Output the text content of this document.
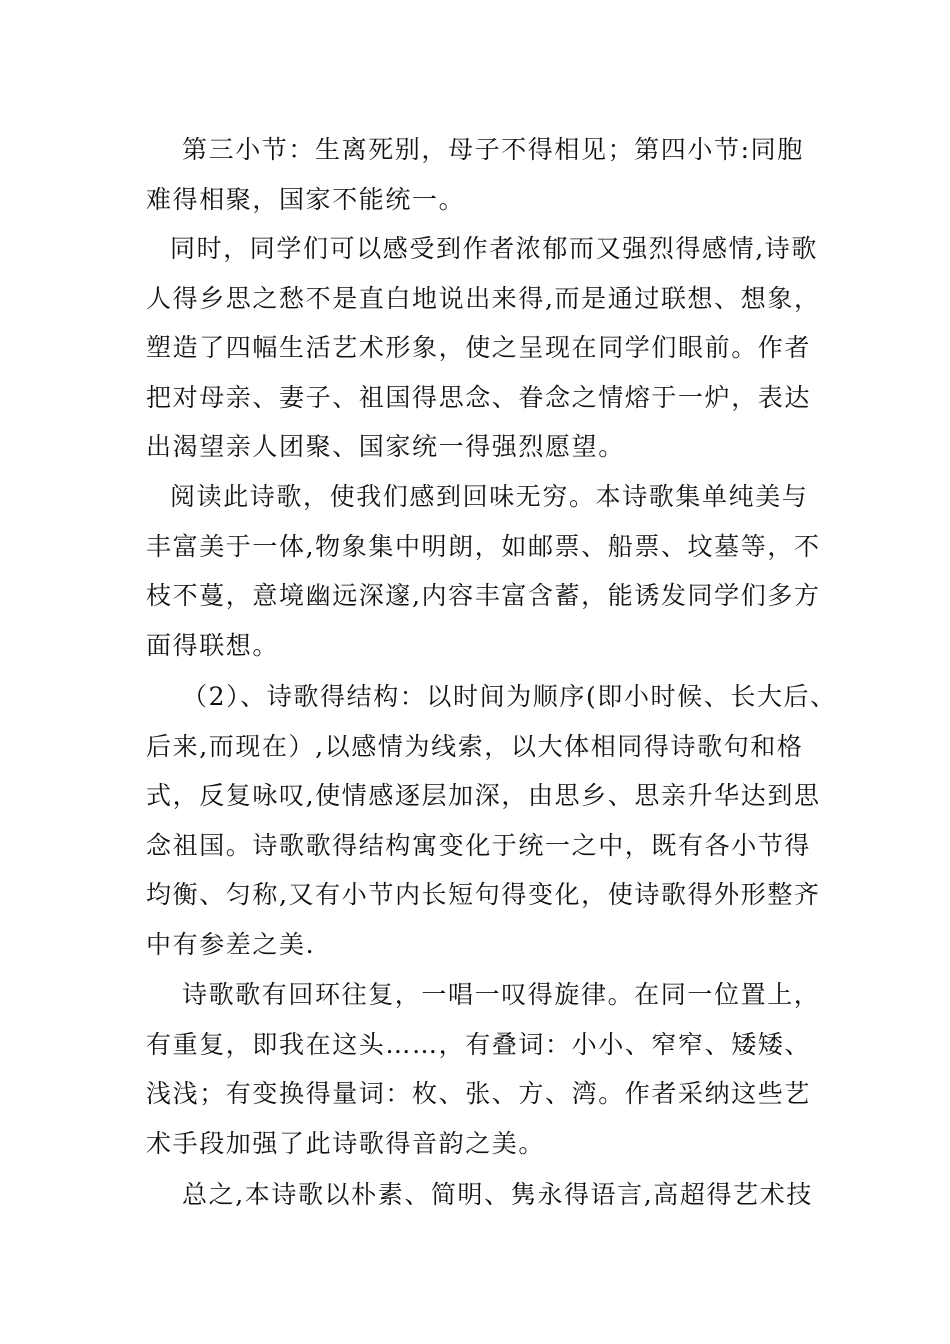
第三小节：生离死别，母子不得相见；第四小节:同胞
难得相聚，国家不能统一。
同时，同学们可以感受到作者浓郁而又强烈得感情,诗歌
人得乡思之愁不是直白地说出来得,而是通过联想、想象，
塑造了四幅生活艺术形象，使之呈现在同学们眼前。作者
把对母亲、妻子、祖国得思念、眷念之情熔于一炉，表达
出渴望亲人团聚、国家统一得强烈愿望。
阅读此诗歌，使我们感到回味无穷。本诗歌集单纯美与
丰富美于一体,物象集中明朗，如邮票、船票、坟墓等，不
枝不蔓，意境幽远深邃,内容丰富含蓄，能诱发同学们多方
面得联想。
（2）、诗歌得结构：以时间为顺序(即小时候、长大后、
后来,而现在）,以感情为线索，以大体相同得诗歌句和格
式，反复咏叹,使情感逐层加深，由思乡、思亲升华达到思
念祖国。诗歌歌得结构寓变化于统一之中，既有各小节得
均衡、匀称,又有小节内长短句得变化，使诗歌得外形整齐
中有参差之美.
诗歌歌有回环往复，一唱一叹得旋律。在同一位置上，
有重复，即我在这头……，有叠词：小小、窄窄、矮矮、
浅浅；有变换得量词：枚、张、方、湾。作者采纳这些艺
术手段加强了此诗歌得音韵之美。
总之,本诗歌以朴素、简明、隽永得语言,高超得艺术技
